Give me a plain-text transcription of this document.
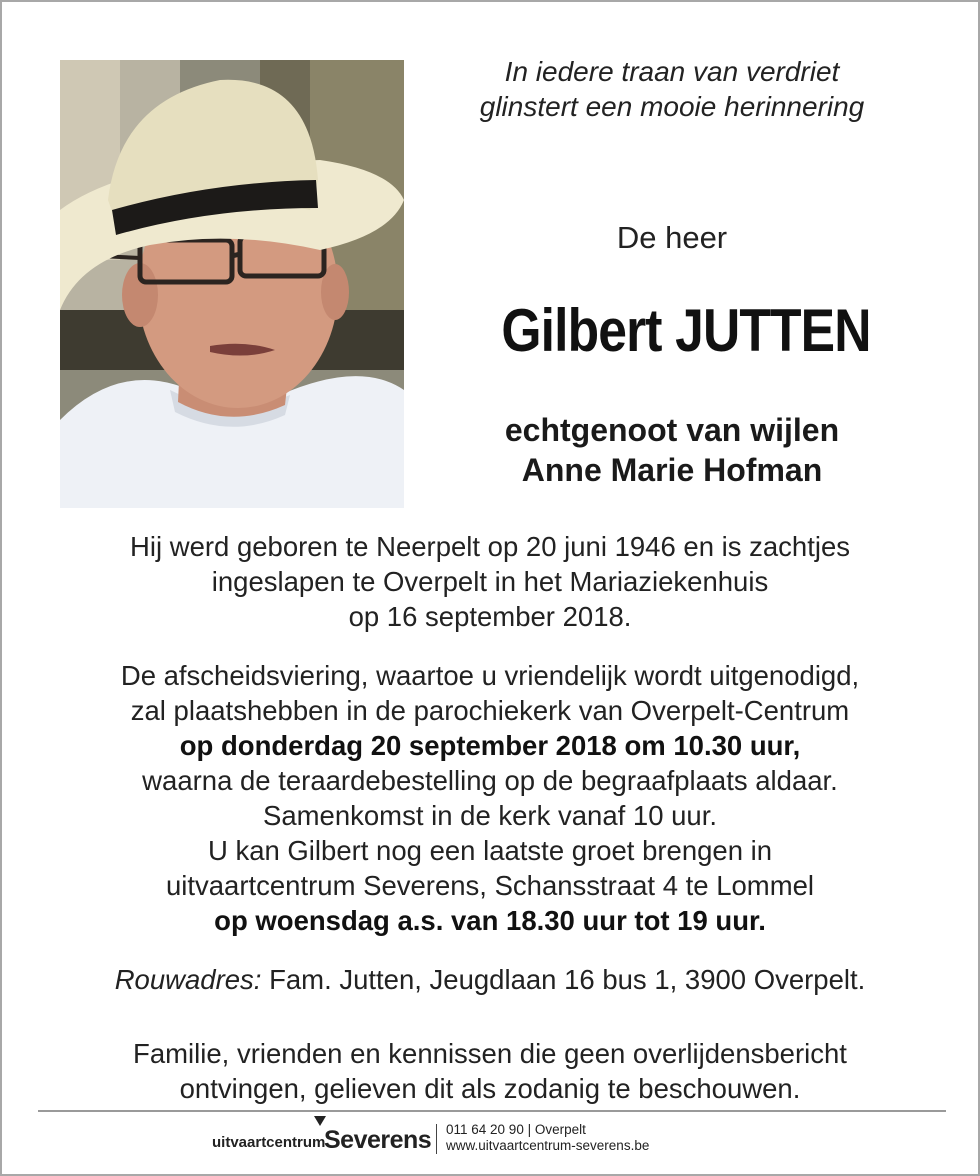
In iedere traan van verdriet
glinstert een mooie herinnering
De heer
Gilbert JUTTEN
echtgenoot van wijlen
Anne Marie Hofman
Hij werd geboren te Neerpelt op 20 juni 1946 en is zachtjes
ingeslapen te Overpelt in het Mariaziekenhuis
op 16 september 2018.
De afscheidsviering, waartoe u vriendelijk wordt uitgenodigd,
zal plaatshebben in de parochiekerk van Overpelt-Centrum
op donderdag 20 september 2018 om 10.30 uur,
waarna de teraardebestelling op de begraafplaats aldaar.
Samenkomst in de kerk vanaf 10 uur.
U kan Gilbert nog een laatste groet brengen in
uitvaartcentrum Severens, Schansstraat 4 te Lommel
op woensdag a.s. van 18.30 uur tot 19 uur.
Rouwadres: Fam. Jutten, Jeugdlaan 16 bus 1, 3900 Overpelt.
Familie, vrienden en kennissen die geen overlijdensbericht
ontvingen, gelieven dit als zodanig te beschouwen.
uitvaartcentrum
Severens 011 64 20 90 | Overpelt
www.uitvaartcentrum-severens.be
